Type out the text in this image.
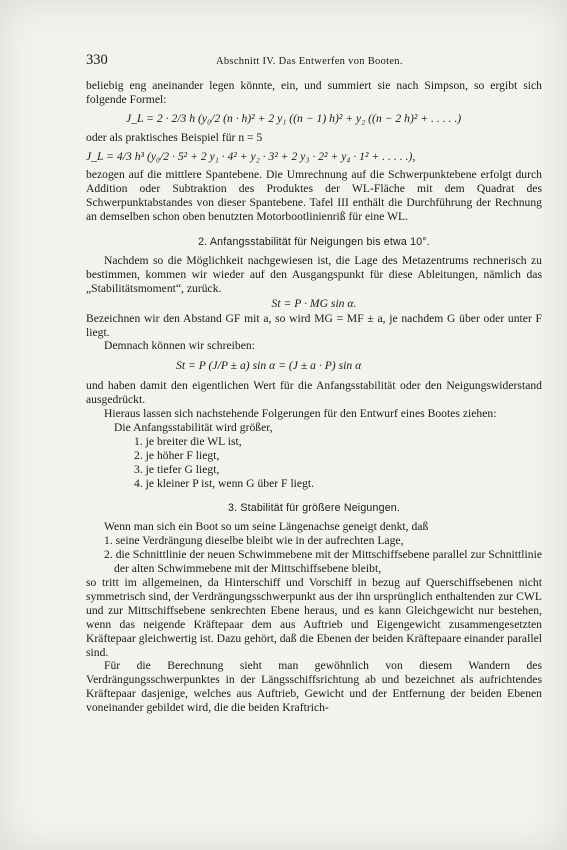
330	Abschnitt IV. Das Entwerfen von Booten.

beliebig eng aneinander legen könnte, ein, und summiert sie nach Simpson, so ergibt sich folgende Formel:

J_L = 2 · 2/3 h (y₀/2 (n · h)² + 2 y₁ ((n − 1) h)² + y₂ ((n − 2 h)² + . . . . .)

oder als praktisches Beispiel für n = 5

J_L = 4/3 h³ (y₀/2 · 5² + 2 y₁ · 4² + y₂ · 3² + 2 y₃ · 2² + y₄ · 1² + . . . . .),

bezogen auf die mittlere Spantebene. Die Umrechnung auf die Schwerpunktebene erfolgt durch Addition oder Subtraktion des Produktes der WL-Fläche mit dem Quadrat des Schwerpunktabstandes von dieser Spantebene. Tafel III enthält die Durchführung der Rechnung an demselben schon oben benutzten Motorbootlinienriß für eine WL.

2. Anfangsstabilität für Neigungen bis etwa 10°.

Nachdem so die Möglichkeit nachgewiesen ist, die Lage des Metazentrums rechnerisch zu bestimmen, kommen wir wieder auf den Ausgangspunkt für diese Ableitungen, nämlich das „Stabilitätsmoment“, zurück.

St = P · MG sin α.

Bezeichnen wir den Abstand GF mit a, so wird MG = MF ± a, je nachdem G über oder unter F liegt.

Demnach können wir schreiben:

St = P (J/P ± a) sin α = (J ± a · P) sin α

und haben damit den eigentlichen Wert für die Anfangsstabilität oder den Neigungswiderstand ausgedrückt.

Hieraus lassen sich nachstehende Folgerungen für den Entwurf eines Bootes ziehen:

Die Anfangsstabilität wird größer,
1. je breiter die WL ist,
2. je höher F liegt,
3. je tiefer G liegt,
4. je kleiner P ist, wenn G über F liegt.
3. Stabilität für größere Neigungen.

Wenn man sich ein Boot so um seine Längenachse geneigt denkt, daß

1. seine Verdrängung dieselbe bleibt wie in der aufrechten Lage,

2. die Schnittlinie der neuen Schwimmebene mit der Mittschiffsebene parallel zur Schnittlinie der alten Schwimmebene mit der Mittschiffsebene bleibt,

so tritt im allgemeinen, da Hinterschiff und Vorschiff in bezug auf Querschiffsebenen nicht symmetrisch sind, der Verdrängungsschwerpunkt aus der ihn ursprünglich enthaltenden zur CWL und zur Mittschiffsebene senkrechten Ebene heraus, und es kann Gleichgewicht nur bestehen, wenn das neigende Kräftepaar dem aus Auftrieb und Eigengewicht zusammengesetzten Kräftepaar gleichwertig ist. Dazu gehört, daß die Ebenen der beiden Kräftepaare einander parallel sind.

Für die Berechnung sieht man gewöhnlich von diesem Wandern des Verdrängungsschwerpunktes in der Längsschiffsrichtung ab und bezeichnet als aufrichtendes Kräftepaar dasjenige, welches aus Auftrieb, Gewicht und der Entfernung der beiden Ebenen voneinander gebildet wird, die die beiden Kraftrich-
